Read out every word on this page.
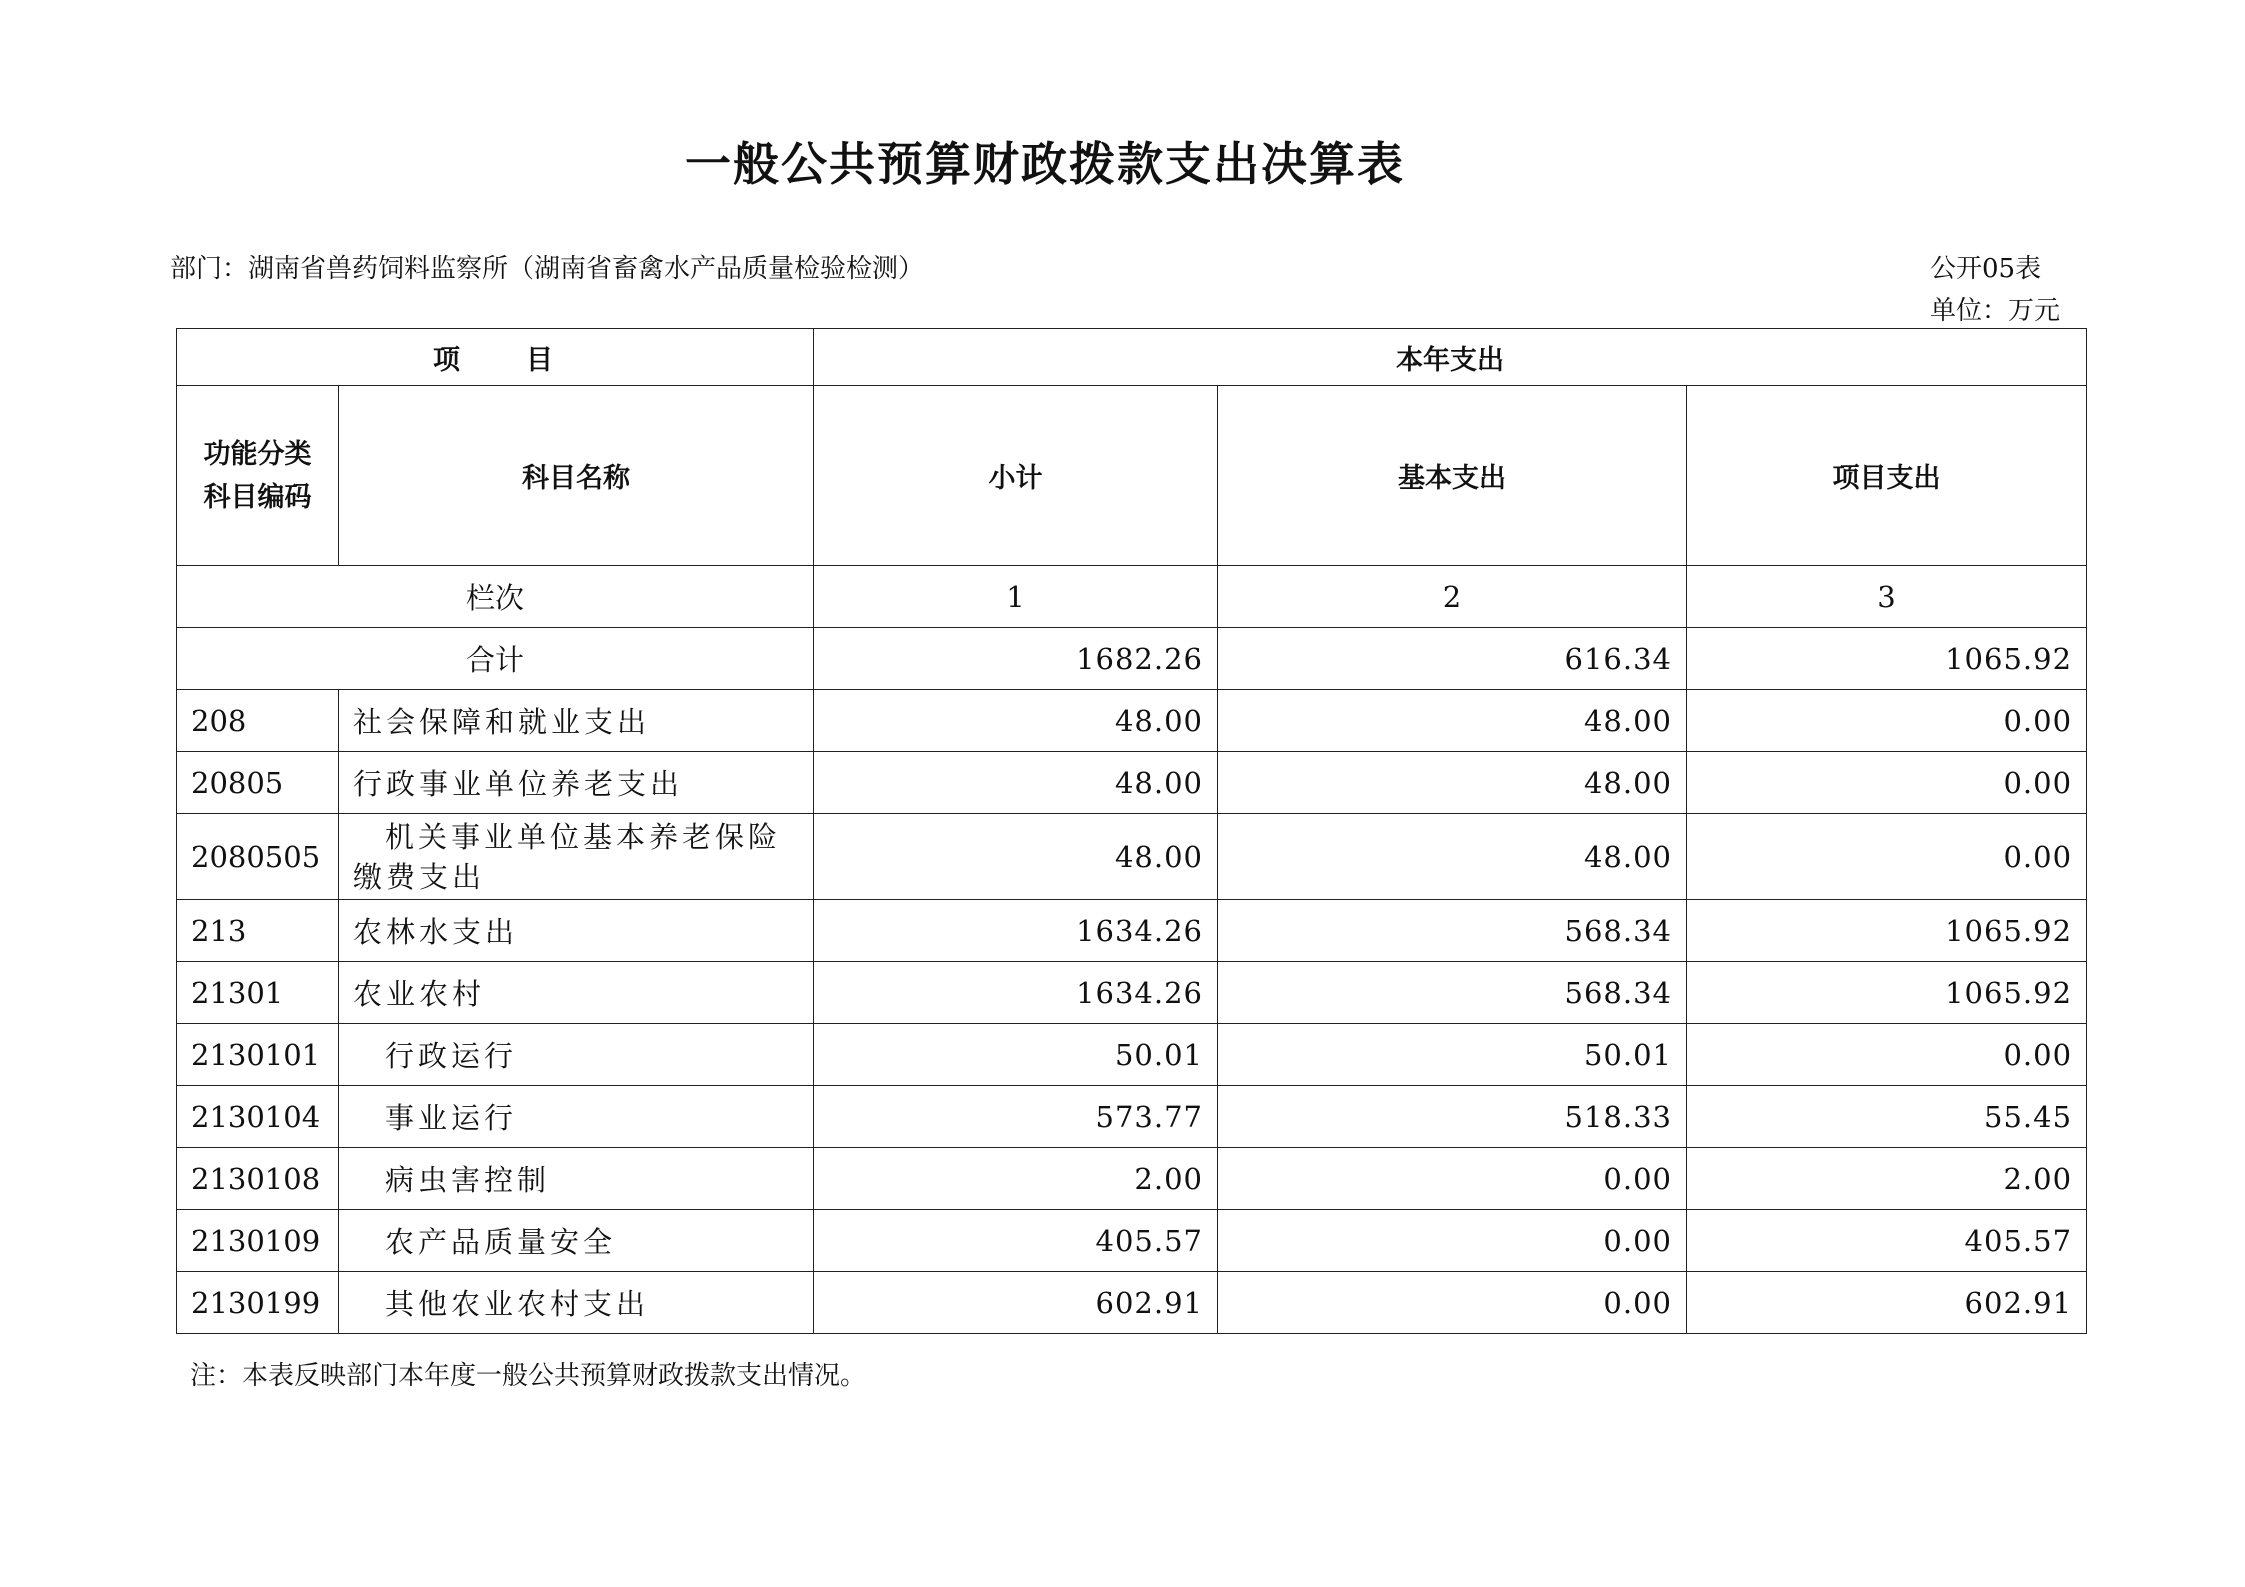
一般公共预算财政拨款支出决算表
部门：湖南省兽药饲料监察所（湖南省畜禽水产品质量检验检测）	公开05表
单位：万元
项　　目		本年支出		
功能分类科目编码	科目名称	小计	基本支出	项目支出
栏次		1	2	3
合计		1682.26	616.34	1065.92
208	社会保障和就业支出	48.00	48.00	0.00
20805	行政事业单位养老支出	48.00	48.00	0.00
2080505	机关事业单位基本养老保险缴费支出	48.00	48.00	0.00
213	农林水支出	1634.26	568.34	1065.92
21301	农业农村	1634.26	568.34	1065.92
2130101	行政运行	50.01	50.01	0.00
2130104	事业运行	573.77	518.33	55.45
2130108	病虫害控制	2.00	0.00	2.00
2130109	农产品质量安全	405.57	0.00	405.57
2130199	其他农业农村支出	602.91	0.00	602.91
注：本表反映部门本年度一般公共预算财政拨款支出情况。
